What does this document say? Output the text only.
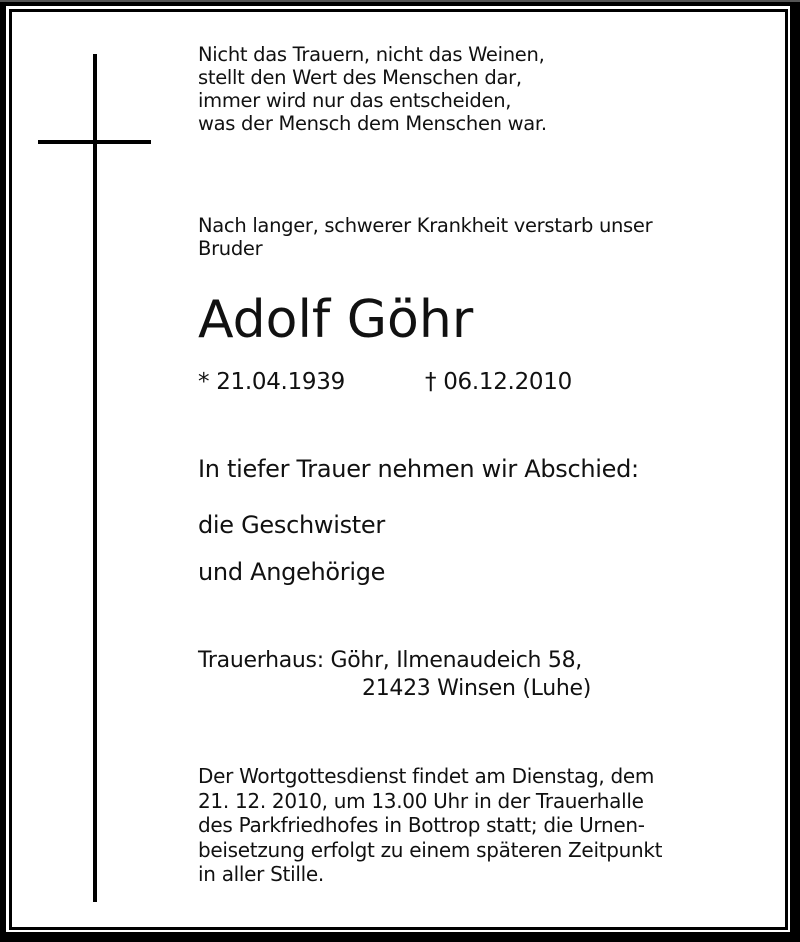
Nicht das Trauern, nicht das Weinen,
stellt den Wert des Menschen dar,
immer wird nur das entscheiden,
was der Mensch dem Menschen war.
Nach langer, schwerer Krankheit verstarb unser
Bruder
Adolf Göhr
* 21.04.1939	† 06.12.2010
In tiefer Trauer nehmen wir Abschied:
die Geschwister
und Angehörige
Trauerhaus: Göhr, Ilmenaudeich 58,
21423 Winsen (Luhe)
Der Wortgottesdienst findet am Dienstag, dem
21. 12. 2010, um 13.00 Uhr in der Trauerhalle
des Parkfriedhofes in Bottrop statt; die Urnen-
beisetzung erfolgt zu einem späteren Zeitpunkt
in aller Stille.
